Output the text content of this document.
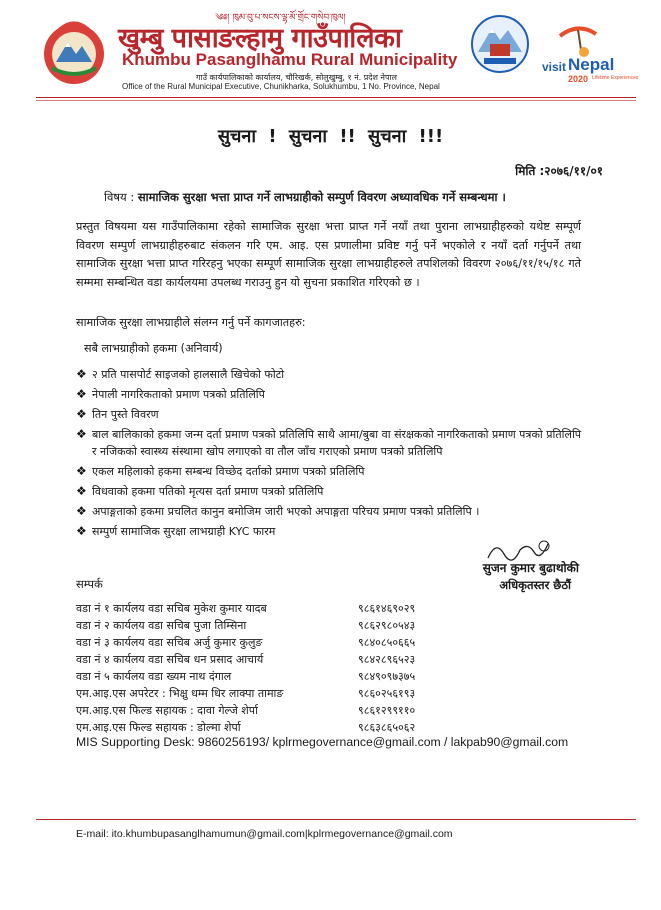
༄༅། ཁུམ་བུ་པ་སངས་ལྷ་མོ་གྲོང་གསེབ་ཁུལ།
खुम्बु पासाङल्हामु गाउँपालिका
Khumbu Pasanglhamu Rural Municipality
गाउँ कार्यपालिकाको कार्यालय, चौरिखर्क, सोलुखुम्बु, १ नं. प्रदेश नेपाल
Office of the Rural Municipal Executive, Chunikharka, Solukhumbu, 1 No. Province, Nepal
visit Nepal
2020 Lifetime Experiences
सुचना ! सुचना !! सुचना !!!
मिति :२०७६/११/०१
विषय : सामाजिक सुरक्षा भत्ता प्राप्त गर्ने लाभग्राहीको सम्पुर्ण विवरण अध्यावधिक गर्ने सम्बन्धमा ।
प्रस्तुत विषयमा यस गाउँपालिकामा रहेको सामाजिक सुरक्षा भत्ता प्राप्त गर्ने नयाँ तथा पुराना लाभग्राहीहरुको यथेष्ट सम्पूर्ण विवरण सम्पुर्ण लाभग्राहीहरुबाट संकलन गरि एम. आइ. एस प्रणालीमा प्रविष्ट गर्नु पर्ने भएकोले र नयाँ दर्ता गर्नुपर्ने तथा सामाजिक सुरक्षा भत्ता प्राप्त गरिरहनु भएका सम्पूर्ण सामाजिक सुरक्षा लाभग्राहीहरुले तपशिलको विवरण २०७६/११/१५/१८ गते सम्ममा सम्बन्धित वडा कार्यलयमा उपलब्ध गराउनु हुन यो सुचना प्रकाशित गरिएको छ ।
सामाजिक सुरक्षा लाभग्राहीले संलग्न गर्नु पर्ने कागजातहरु:
सबै लाभग्राहीको हकमा (अनिवार्य)
❖ २ प्रति पासपोर्ट साइजको हालसालै खिचेको फोटो
❖ नेपाली नागरिकताको प्रमाण पत्रको प्रतिलिपि
❖ तिन पुस्ते विवरण
❖ बाल बालिकाको हकमा जन्म दर्ता प्रमाण पत्रको प्रतिलिपि साथै आमा/बुबा वा संरक्षकको नागरिकताको प्रमाण पत्रको प्रतिलिपि र नजिकको स्वास्थ्य संस्थामा खोप लगाएको वा तौल जाँच गराएको प्रमाण पत्रको प्रतिलिपि
❖ एकल महिलाको हकमा सम्बन्ध विच्छेद दर्ताको प्रमाण पत्रको प्रतिलिपि
❖ विधवाको हकमा पतिको मृत्यस दर्ता प्रमाण पत्रको प्रतिलिपि
❖ अपाङ्गताको हकमा प्रचलित कानुन बमोजिम जारी भएको अपाङ्गता परिचय प्रमाण पत्रको प्रतिलिपि ।
❖ सम्पुर्ण सामाजिक सुरक्षा लाभग्राही KYC फारम
सुजन कुमार बुढाथोकी
अधिकृतस्तर छैठौं
सम्पर्क
वडा नं १ कार्यलय वडा सचिब मुकेश कुमार यादब	९८६१४६९०२९
वडा नं २ कार्यलय वडा सचिब पुजा तिम्सिना	९८६२९८०५४३
वडा नं ३ कार्यलय वडा सचिब अर्जु कुमार कुलुङ	९८४०८५०६६५
वडा नं ४ कार्यलय वडा सचिब धन प्रसाद आचार्य	९८४२८९६५२३
वडा नं ५ कार्यलय वडा ख्यम नाथ दंगाल	९८४९०९७३७५
एम.आइ.एस अपरेटर : भिक्षु धम्म धिर लाक्पा तामाङ	९८६०२५६१९३
एम.आइ.एस फिल्ड सहायक : दावा गेल्जे शेर्पा	९८६१२९९११०
एम.आइ.एस फिल्ड सहायक : डोल्मा शेर्पा	९८६३८६५०६२
MIS Supporting Desk: 9860256193/ kplrmegovernance@gmail.com / lakpab90@gmail.com
E-mail: ito.khumbupasanglhamumun@gmail.com|kplrmegovernance@gmail.com
